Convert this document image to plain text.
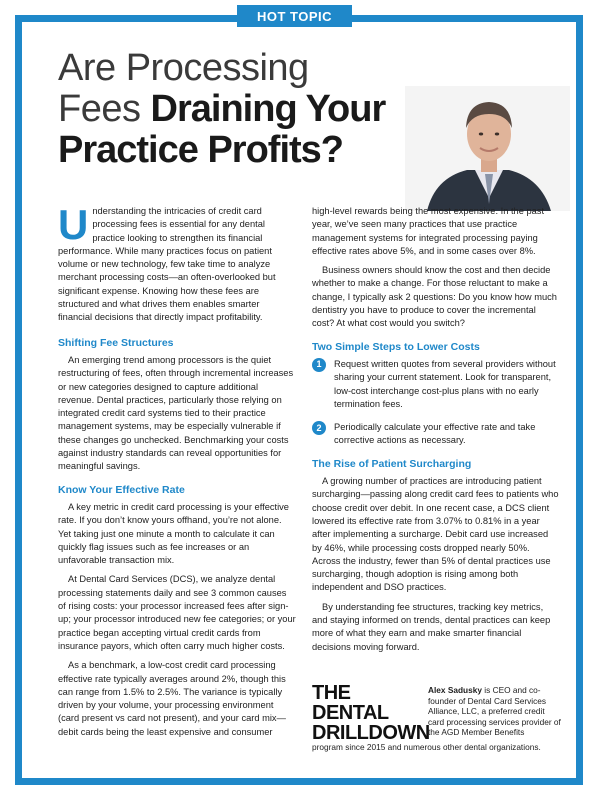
HOT TOPIC
Are Processing
Fees Draining Your
Practice Profits?
Understanding the intricacies of credit card processing fees is essential for any dental practice looking to strengthen its financial performance. While many practices focus on patient volume or new technology, few take time to analyze merchant processing costs—an often-overlooked but significant expense. Knowing how these fees are structured and what drives them enables smarter financial decisions that directly impact profitability.
Shifting Fee Structures

An emerging trend among processors is the quiet restructuring of fees, often through incremental increases or new categories designed to capture additional revenue. Dental practices, particularly those relying on integrated credit card systems tied to their practice management systems, may be especially vulnerable if these changes go unchecked. Benchmarking your costs against industry standards can reveal opportunities for meaningful savings.

Know Your Effective Rate

A key metric in credit card processing is your effective rate. If you don’t know yours offhand, you’re not alone. Yet taking just one minute a month to calculate it can quickly flag issues such as fee increases or an unfavorable transaction mix.

At Dental Card Services (DCS), we analyze dental processing statements daily and see 3 common causes of rising costs: your processor increased fees after sign-up; your processor introduced new fee categories; or your practice began accepting virtual credit cards from insurance payors, which often carry much higher costs.

As a benchmark, a low-cost credit card processing effective rate typically averages around 2%, though this can range from 1.5% to 2.5%. The variance is typically driven by your volume, your processing environment (card present vs card not present), and your card mix—debit cards being the least expensive and consumer

high-level rewards being the most expensive. In the past year, we’ve seen many practices that use practice management systems for integrated processing paying effective rates above 5%, and in some cases over 8%.

Business owners should know the cost and then decide whether to make a change. For those reluctant to make a change, I typically ask 2 questions: Do you know how much dentistry you have to produce to cover the incremental cost? At what cost would you switch?

Two Simple Steps to Lower Costs
1	Request written quotes from several providers without sharing your current statement. Look for transparent, low-cost interchange cost-plus plans with no early termination fees.
2	Periodically calculate your effective rate and take corrective actions as necessary.
The Rise of Patient Surcharging

A growing number of practices are introducing patient surcharging—passing along credit card fees to patients who choose credit over debit. In one recent case, a DCS client lowered its effective rate from 3.07% to 0.81% in a year after implementing a surcharge. Debit card use increased by 46%, while processing costs dropped nearly 50%. Across the industry, fewer than 5% of dental practices use surcharging, though adoption is rising among both independent and DSO practices.

By understanding fee structures, tracking key metrics, and staying informed on trends, dental practices can keep more of what they earn and make smarter financial decisions moving forward.

THE DENTAL
DRILLDOWN
Alex Sadusky is CEO and co-founder of Dental Card Services Alliance, LLC, a preferred credit card processing services provider of the AGD Member Benefits
program since 2015 and numerous other dental organizations.
